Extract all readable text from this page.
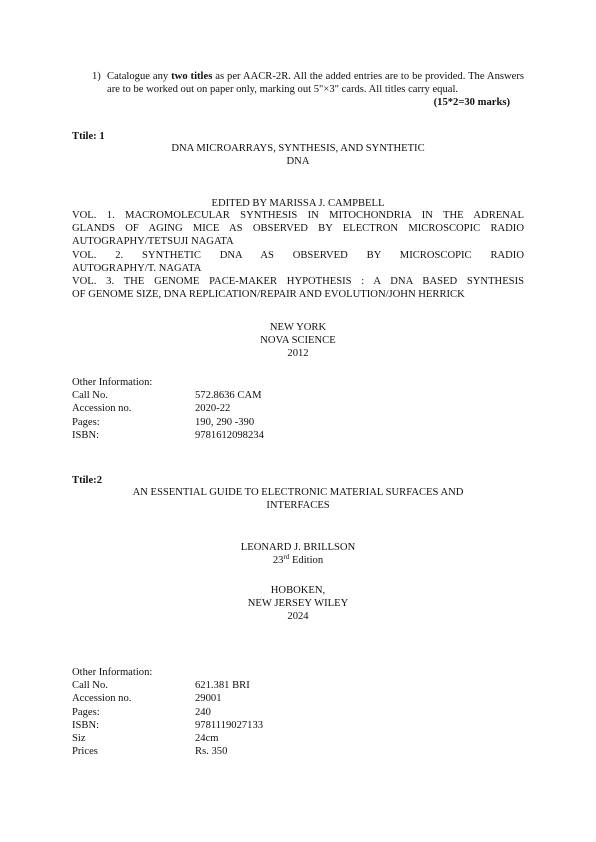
1) Catalogue any two titles as per AACR-2R. All the added entries are to be provided. The Answers are to be worked out on paper only, marking out 5"×3" cards. All titles carry equal.
(15*2=30 marks)
Ttile: 1
DNA MICROARRAYS, SYNTHESIS, AND SYNTHETIC
DNA
EDITED BY MARISSA J. CAMPBELL
VOL. 1. MACROMOLECULAR SYNTHESIS IN MITOCHONDRIA IN THE ADRENAL
GLANDS OF AGING MICE AS OBSERVED BY ELECTRON MICROSCOPIC RADIO
AUTOGRAPHY/TETSUJI NAGATA
VOL. 2. SYNTHETIC DNA AS OBSERVED BY MICROSCOPIC RADIO
AUTOGRAPHY/T. NAGATA
VOL. 3. THE GENOME PACE-MAKER HYPOTHESIS : A DNA BASED SYNTHESIS
OF GENOME SIZE, DNA REPLICATION/REPAIR AND EVOLUTION/JOHN HERRICK
NEW YORK
NOVA SCIENCE
2012
Other Information:
Call No.	572.8636 CAM
Accession no.	2020-22
Pages:	190, 290 -390
ISBN:	9781612098234
Ttile:2
AN ESSENTIAL GUIDE TO ELECTRONIC MATERIAL SURFACES AND
INTERFACES
LEONARD J. BRILLSON
23rd Edition
HOBOKEN,
NEW JERSEY WILEY
2024
Other Information:
Call No.	621.381 BRI
Accession no.	29001
Pages:	240
ISBN:	9781119027133
Siz	24cm
Prices	Rs. 350
